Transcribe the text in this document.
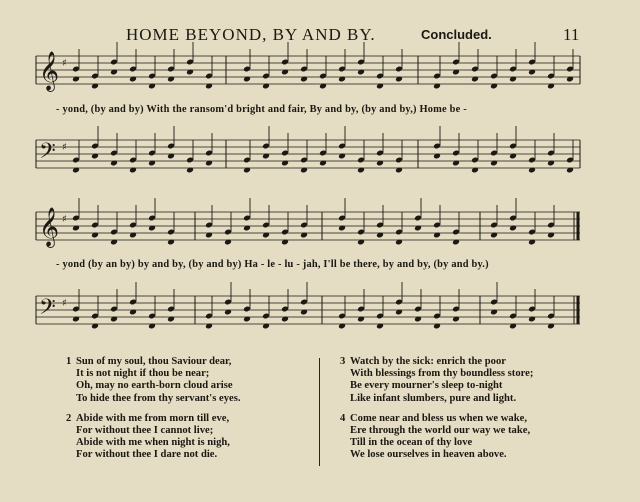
HOME BEYOND, BY AND BY.	Concluded.	11
𝄞 ♯
𝄢 ♯
𝄞 ♯
𝄢 ♯
- yond, (by and by) With the ransom'd bright and fair, By and by, (by and by,) Home be -
- yond (by an by) by and by, (by and by) Ha - le - lu - jah, I'll be there, by and by, (by and by.)
1 Sun of my soul, thou Saviour dear,
It is not night if thou be near;
Oh, may no earth-born cloud arise
To hide thee from thy servant's eyes.
2 Abide with me from morn till eve,
For without thee I cannot live;
Abide with me when night is nigh,
For without thee I dare not die.
3 Watch by the sick: enrich the poor
With blessings from thy boundless store;
Be every mourner's sleep to-night
Like infant slumbers, pure and light.
4 Come near and bless us when we wake,
Ere through the world our way we take,
Till in the ocean of thy love
We lose ourselves in heaven above.
